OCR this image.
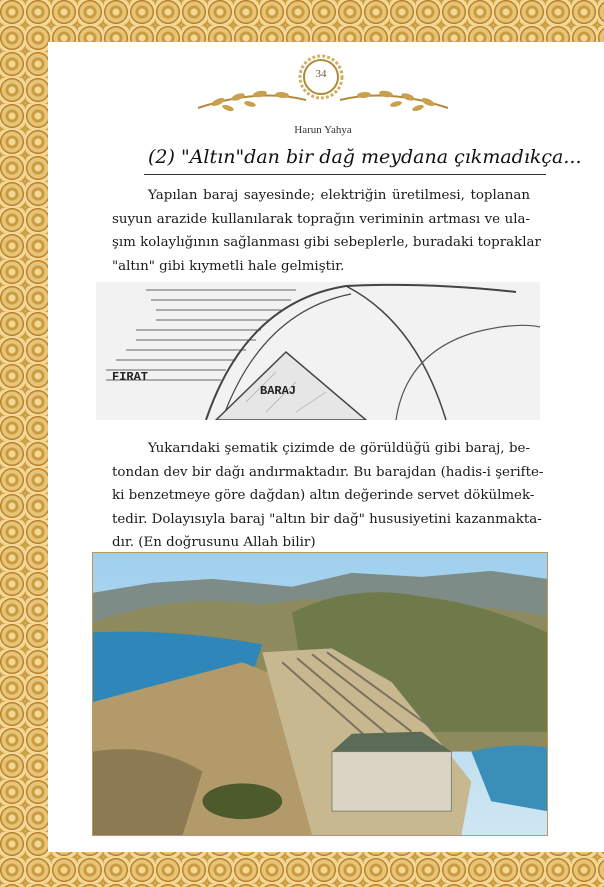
34
Harun Yahya
(2) "Altın"dan bir dağ meydana çıkmadıkça...

Yapılan baraj sayesinde; elektriğin üretilmesi, toplanan
suyun arazide kullanılarak toprağın veriminin artması ve ula-
şım kolaylığının sağlanması gibi sebeplerle, buradaki topraklar
"altın" gibi kıymetli hale gelmiştir.

FIRAT
BARAJ

Yukarıdaki şematik çizimde de görüldüğü gibi baraj, be-
tondan dev bir dağı andırmaktadır. Bu barajdan (hadis-i şerifte-
ki benzetmeye göre dağdan) altın değerinde servet dökülmek-
tedir. Dolayısıyla baraj "altın bir dağ" hususiyetini kazanmakta-
dır. (En doğrusunu Allah bilir)
